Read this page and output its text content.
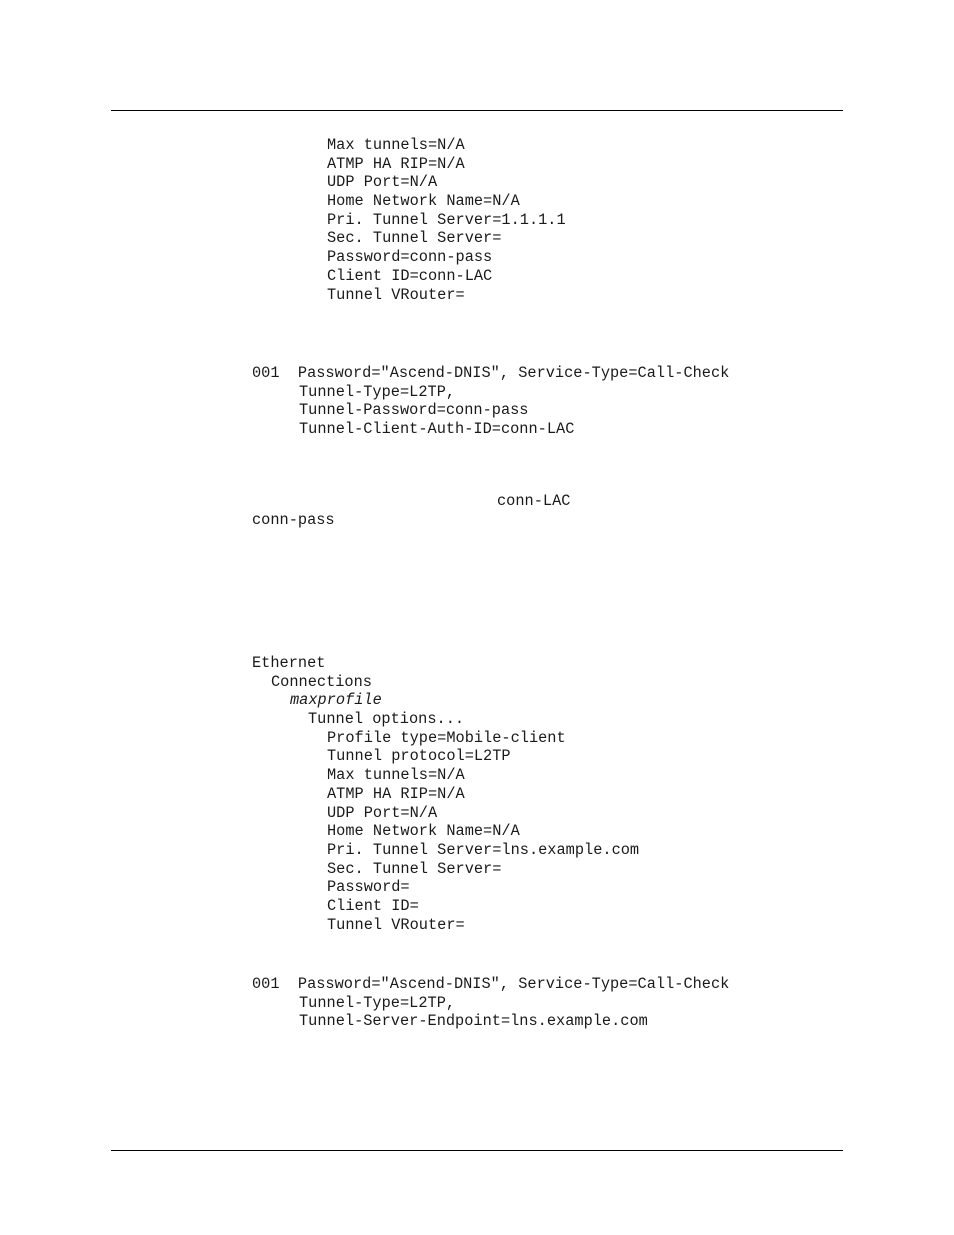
Max tunnels=N/A
ATMP HA RIP=N/A
UDP Port=N/A
Home Network Name=N/A
Pri. Tunnel Server=1.1.1.1
Sec. Tunnel Server=
Password=conn-pass
Client ID=conn-LAC
Tunnel VRouter=
001  Password="Ascend-DNIS", Service-Type=Call-Check
Tunnel-Type=L2TP,
Tunnel-Password=conn-pass
Tunnel-Client-Auth-ID=conn-LAC
conn-LAC
conn-pass
Ethernet
Connections
maxprofile
Tunnel options...
Profile type=Mobile-client
Tunnel protocol=L2TP
Max tunnels=N/A
ATMP HA RIP=N/A
UDP Port=N/A
Home Network Name=N/A
Pri. Tunnel Server=lns.example.com
Sec. Tunnel Server=
Password=
Client ID=
Tunnel VRouter=
001  Password="Ascend-DNIS", Service-Type=Call-Check
Tunnel-Type=L2TP,
Tunnel-Server-Endpoint=lns.example.com
